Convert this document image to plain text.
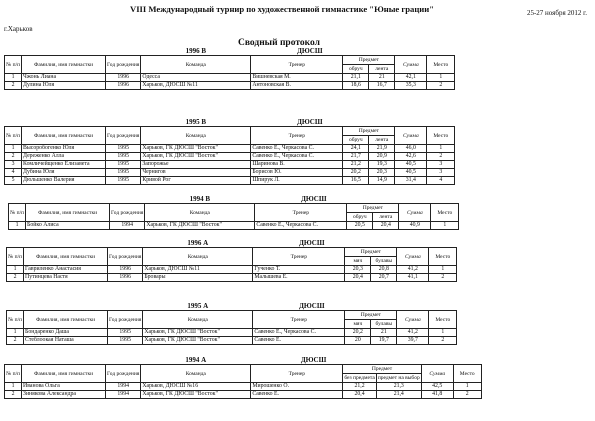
VIII Международный турнир по художественной гимнастике "Юные грации"	25-27 ноября 2012 г.
г.Харьков
Сводный протокол
			1996 В	ДЮСШ				
№ п/п	Фамилия, имя гимнастки	Год рождения	Команда	Тренер	Предмет		Сумма	Место
					обруч	лента		
1	Чжонь Лиана	1996	Одесса	Вишневская М.	21,1	21	42,1	1
2	Дулина Юля	1996	Харьков, ДЮСШ №11	Антоновская В.	18,6	16,7	35,3	2
			1995 В	ДЮСШ				
№ п/п	Фамилия, имя гимнастки	Год рождения	Команда	Тренер	Предмет		Сумма	Место
					обруч	лента		
1	Высоробогенко Юля	1995	Харьков, ГК ДЮСШ "Восток"	Савенко Е., Черкасова С.	24,1	21,9	46,0	1
2	Дереженко Алла	1995	Харьков, ГК ДЮСШ "Восток"	Савенко Е., Черкасова С.	21,7	20,9	42,6	2
3	Комличейщенко Елизавета	1995	Запорожье	Шаринова В.	21,2	19,3	40,5	3
4	Дубина Юля	1995	Чернигов	Борисов Ю.	20,2	20,3	40,5	3
5	Дюльшенко Валерия	1995	Кривой Рог	Шпирук Л.	16,5	14,9	31,4	4
			1994 В	ДЮСШ				
№ п/п	Фамилия, имя гимнастки	Год рождения	Команда	Тренер	Предмет		Сумма	Место
					обруч	лента		
1	Бойко Алиса	1994	Харьков, ГК ДЮСШ "Восток"	Савенко Е., Черкасова С.	20,5	20,4	40,9	1
			1996 А	ДЮСШ				
№ п/п	Фамилия, имя гимнастки	Год рождения	Команда	Тренер	Предмет		Сумма	Место
					мяч	булавы		
1	Гавриленко Анастасия	1996	Харьков, ДЮСШ №11	Гученко Т.	20,3	20,8	41,2	1
2	Путинцева Настя	1996	Бровары	Малышева Е.	20,4	20,7	41,1	2
			1995 А	ДЮСШ				
№ п/п	Фамилия, имя гимнастки	Год рождения	Команда	Тренер	Предмет		Сумма	Место
					мяч	булавы		
1	Бондаренко Даша	1995	Харьков, ГК ДЮСШ "Восток"	Савенко Е., Черкасова С.	20,2	21	41,2	1
2	Стеблоокая Наташа	1995	Харьков, ГК ДЮСШ "Восток"	Савенко Е.	20	19,7	39,7	2
			1994 А	ДЮСШ				
№ п/п	Фамилия, имя гимнастки	Год рождения	Команда	Тренер	Предмет		Сумма	Место
					без предмета	предмет на выбор		
1	Иванова Ольга	1994	Харьков, ДЮСШ №16	Мирошенко О.	21,2	21,3	42,5	1
2	Зинякова Александра	1994	Харьков, ГК ДЮСШ "Восток"	Савенко Е.	20,4	21,4	41,8	2
